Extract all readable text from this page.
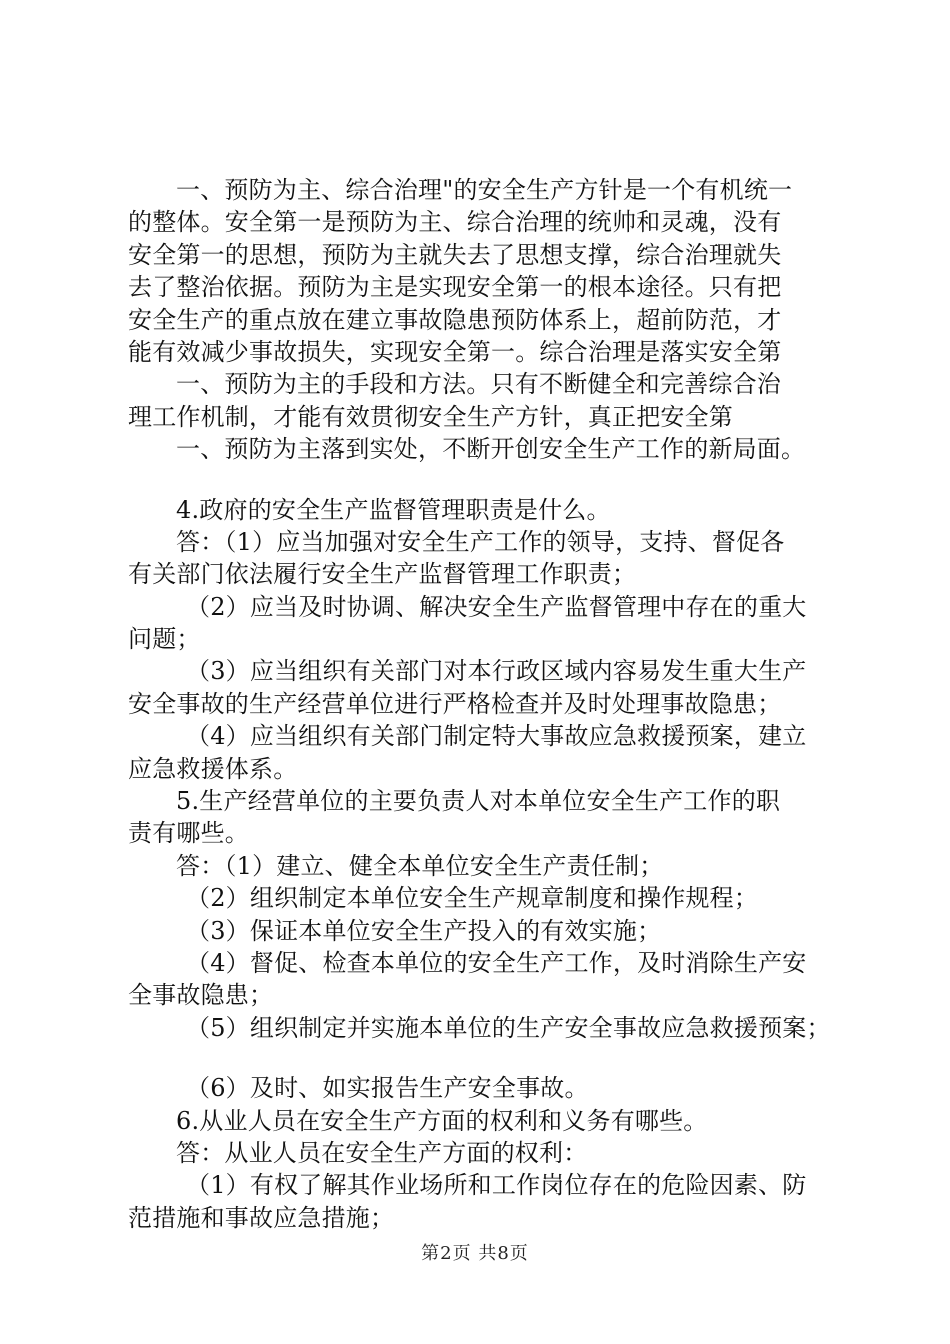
一、预防为主、综合治理"的安全生产方针是一个有机统一
的整体。安全第一是预防为主、综合治理的统帅和灵魂，没有
安全第一的思想，预防为主就失去了思想支撑，综合治理就失
去了整治依据。预防为主是实现安全第一的根本途径。只有把
安全生产的重点放在建立事故隐患预防体系上，超前防范，才
能有效减少事故损失，实现安全第一。综合治理是落实安全第
一、预防为主的手段和方法。只有不断健全和完善综合治
理工作机制，才能有效贯彻安全生产方针，真正把安全第
一、预防为主落到实处，不断开创安全生产工作的新局面。
4.政府的安全生产监督管理职责是什么。
答：（1）应当加强对安全生产工作的领导，支持、督促各
有关部门依法履行安全生产监督管理工作职责；
（2）应当及时协调、解决安全生产监督管理中存在的重大
问题；
（3）应当组织有关部门对本行政区域内容易发生重大生产
安全事故的生产经营单位进行严格检查并及时处理事故隐患；
（4）应当组织有关部门制定特大事故应急救援预案，建立
应急救援体系。
5.生产经营单位的主要负责人对本单位安全生产工作的职
责有哪些。
答：（1）建立、健全本单位安全生产责任制；
（2）组织制定本单位安全生产规章制度和操作规程；
（3）保证本单位安全生产投入的有效实施；
（4）督促、检查本单位的安全生产工作，及时消除生产安
全事故隐患；
（5）组织制定并实施本单位的生产安全事故应急救援预案；
（6）及时、如实报告生产安全事故。
6.从业人员在安全生产方面的权利和义务有哪些。
答：从业人员在安全生产方面的权利：
（1）有权了解其作业场所和工作岗位存在的危险因素、防
范措施和事故应急措施；
第2页 共8页
